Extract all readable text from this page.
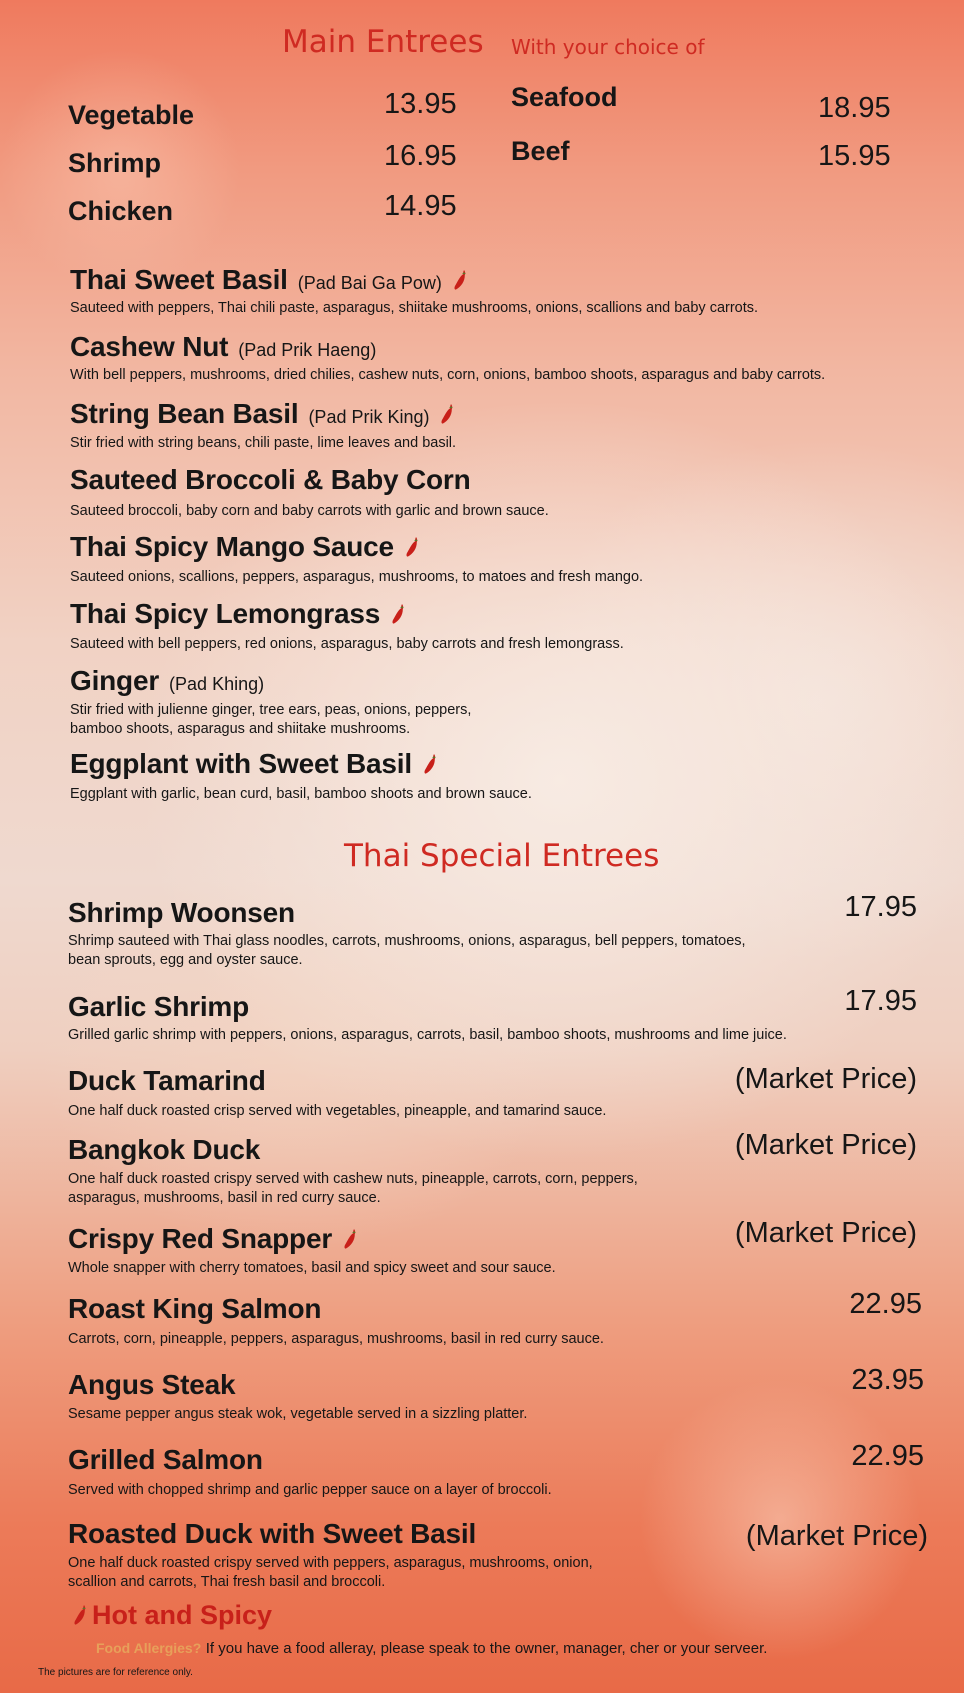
Main Entrees With your choice of
Vegetable	13.95
Shrimp	16.95
Chicken	14.95
Seafood	18.95
Beef	15.95
Thai Sweet Basil (Pad Bai Ga Pow)
Sauteed with peppers, Thai chili paste, asparagus, shiitake mushrooms, onions, scallions and baby carrots.
Cashew Nut (Pad Prik Haeng)
With bell peppers, mushrooms, dried chilies, cashew nuts, corn, onions, bamboo shoots, asparagus and baby carrots.
String Bean Basil (Pad Prik King)
Stir fried with string beans, chili paste, lime leaves and basil.
Sauteed Broccoli & Baby Corn
Sauteed broccoli, baby corn and baby carrots with garlic and brown sauce.
Thai Spicy Mango Sauce
Sauteed onions, scallions, peppers, asparagus, mushrooms, to matoes and fresh mango.
Thai Spicy Lemongrass
Sauteed with bell peppers, red onions, asparagus, baby carrots and fresh lemongrass.
Ginger (Pad Khing)
Stir fried with julienne ginger, tree ears, peas, onions, peppers,
bamboo shoots, asparagus and shiitake mushrooms.
Eggplant with Sweet Basil
Eggplant with garlic, bean curd, basil, bamboo shoots and brown sauce.
Thai Special Entrees
Shrimp Woonsen	17.95
Shrimp sauteed with Thai glass noodles, carrots, mushrooms, onions, asparagus, bell peppers, tomatoes,
bean sprouts, egg and oyster sauce.
Garlic Shrimp	17.95
Grilled garlic shrimp with peppers, onions, asparagus, carrots, basil, bamboo shoots, mushrooms and lime juice.
Duck Tamarind	(Market Price)
One half duck roasted crisp served with vegetables, pineapple, and tamarind sauce.
Bangkok Duck	(Market Price)
One half duck roasted crispy served with cashew nuts, pineapple, carrots, corn, peppers,
asparagus, mushrooms, basil in red curry sauce.
Crispy Red Snapper	(Market Price)
Whole snapper with cherry tomatoes, basil and spicy sweet and sour sauce.
Roast King Salmon	22.95
Carrots, corn, pineapple, peppers, asparagus, mushrooms, basil in red curry sauce.
Angus Steak	23.95
Sesame pepper angus steak wok, vegetable served in a sizzling platter.
Grilled Salmon	22.95
Served with chopped shrimp and garlic pepper sauce on a layer of broccoli.
Roasted Duck with Sweet Basil	(Market Price)
One half duck roasted crispy served with peppers, asparagus, mushrooms, onion,
scallion and carrots, Thai fresh basil and broccoli.
Hot and Spicy
Food Allergies? If you have a food alleray, please speak to the owner, manager, cher or your serveer.
The pictures are for reference only.
